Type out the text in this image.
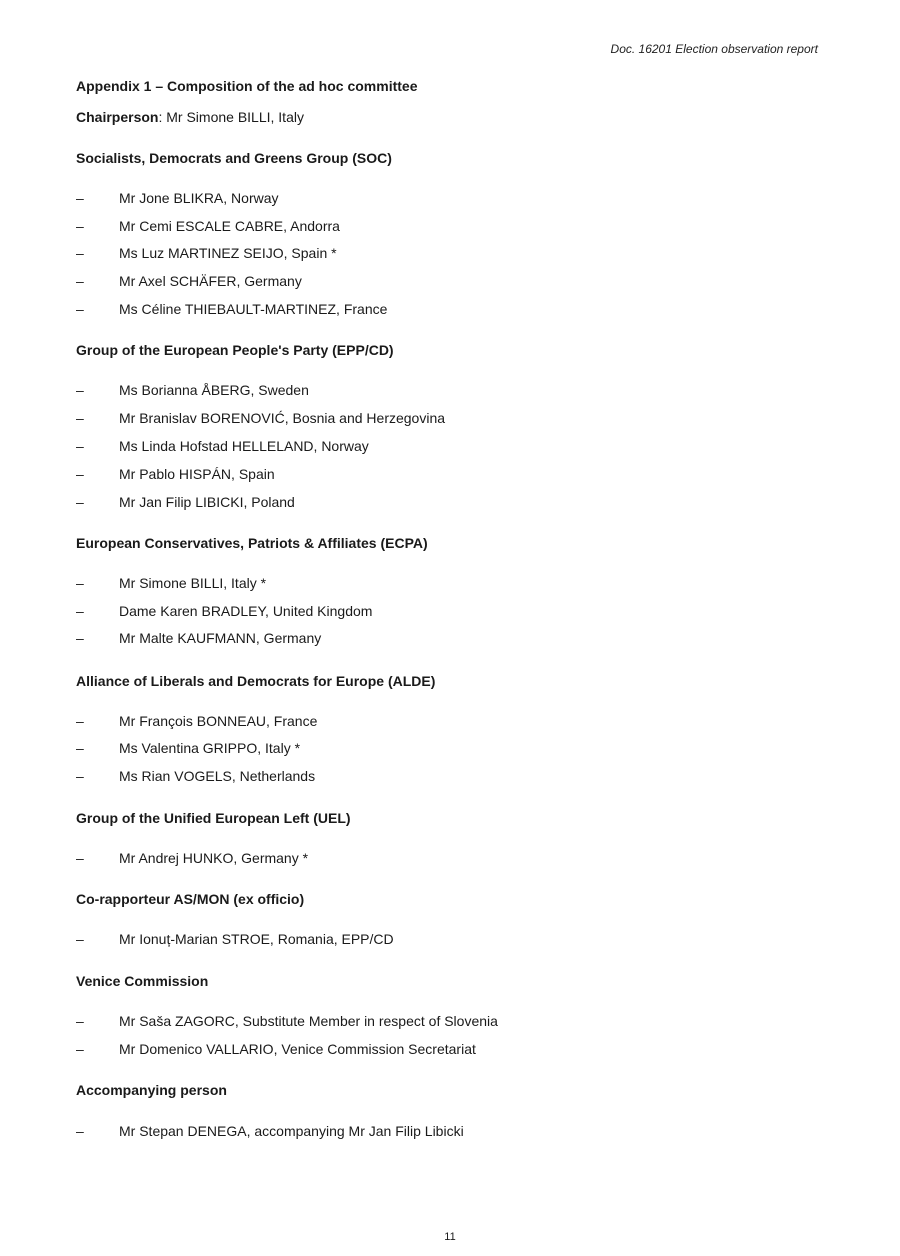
Doc. 16201 Election observation report
Appendix 1 – Composition of the ad hoc committee
Chairperson: Mr Simone BILLI, Italy
Socialists, Democrats and Greens Group (SOC)
–	Mr Jone BLIKRA, Norway
–	Mr Cemi ESCALE CABRE, Andorra
–	Ms Luz MARTINEZ SEIJO, Spain *
–	Mr Axel SCHÄFER, Germany
–	Ms Céline THIEBAULT-MARTINEZ, France
Group of the European People's Party (EPP/CD)
–	Ms Borianna ÅBERG, Sweden
–	Mr Branislav BORENOVIĆ, Bosnia and Herzegovina
–	Ms Linda Hofstad HELLELAND, Norway
–	Mr Pablo HISPÁN, Spain
–	Mr Jan Filip LIBICKI, Poland
European Conservatives, Patriots & Affiliates (ECPA)
–	Mr Simone BILLI, Italy *
–	Dame Karen BRADLEY, United Kingdom
–	Mr Malte KAUFMANN, Germany
Alliance of Liberals and Democrats for Europe (ALDE)
–	Mr François BONNEAU, France
–	Ms Valentina GRIPPO, Italy *
–	Ms Rian VOGELS, Netherlands
Group of the Unified European Left (UEL)
–	Mr Andrej HUNKO, Germany *
Co-rapporteur AS/MON (ex officio)
–	Mr Ionuț-Marian STROE, Romania, EPP/CD
Venice Commission
–	Mr Saša ZAGORC, Substitute Member in respect of Slovenia
–	Mr Domenico VALLARIO, Venice Commission Secretariat
Accompanying person
–	Mr Stepan DENEGA, accompanying Mr Jan Filip Libicki
11
